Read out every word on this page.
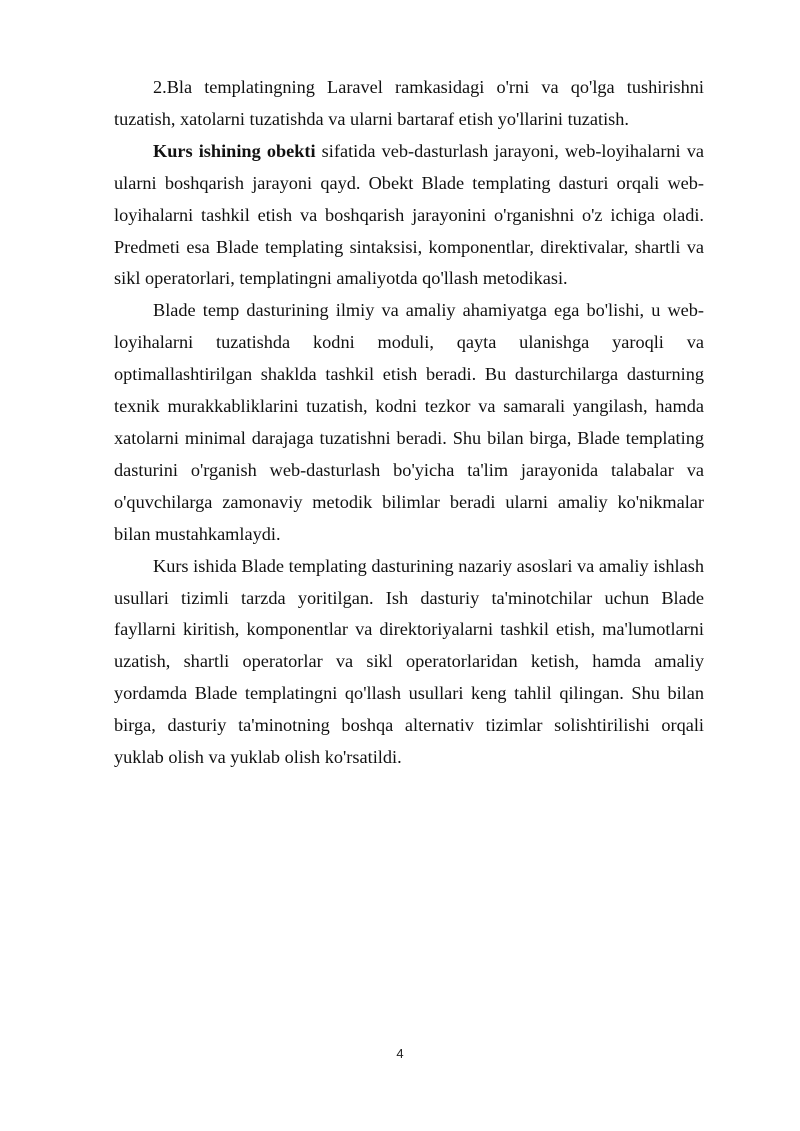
2.Bla templatingning Laravel ramkasidagi o'rni va qo'lga tushirishni tuzatish, xatolarni tuzatishda va ularni bartaraf etish yo'llarini tuzatish.

Kurs ishining obekti sifatida veb-dasturlash jarayoni, web-loyihalarni va ularni boshqarish jarayoni qayd. Obekt Blade templating dasturi orqali web-loyihalarni tashkil etish va boshqarish jarayonini o'rganishni o'z ichiga oladi. Predmeti esa Blade templating sintaksisi, komponentlar, direktivalar, shartli va sikl operatorlari, templatingni amaliyotda qo'llash metodikasi.

Blade temp dasturining ilmiy va amaliy ahamiyatga ega bo'lishi, u web-loyihalarni tuzatishda kodni moduli, qayta ulanishga yaroqli va optimallashtirilgan shaklda tashkil etish beradi. Bu dasturchilarga dasturning texnik murakkabliklarini tuzatish, kodni tezkor va samarali yangilash, hamda xatolarni minimal darajaga tuzatishni beradi. Shu bilan birga, Blade templating dasturini o'rganish web-dasturlash bo'yicha ta'lim jarayonida talabalar va o'quvchilarga zamonaviy metodik bilimlar beradi ularni amaliy ko'nikmalar bilan mustahkamlaydi.

Kurs ishida Blade templating dasturining nazariy asoslari va amaliy ishlash usullari tizimli tarzda yoritilgan. Ish dasturiy ta'minotchilar uchun Blade fayllarni kiritish, komponentlar va direktoriyalarni tashkil etish, ma'lumotlarni uzatish, shartli operatorlar va sikl operatorlaridan ketish, hamda amaliy yordamda Blade templatingni qo'llash usullari keng tahlil qilingan. Shu bilan birga, dasturiy ta'minotning boshqa alternativ tizimlar solishtirilishi orqali yuklab olish va yuklab olish ko'rsatildi.

4
